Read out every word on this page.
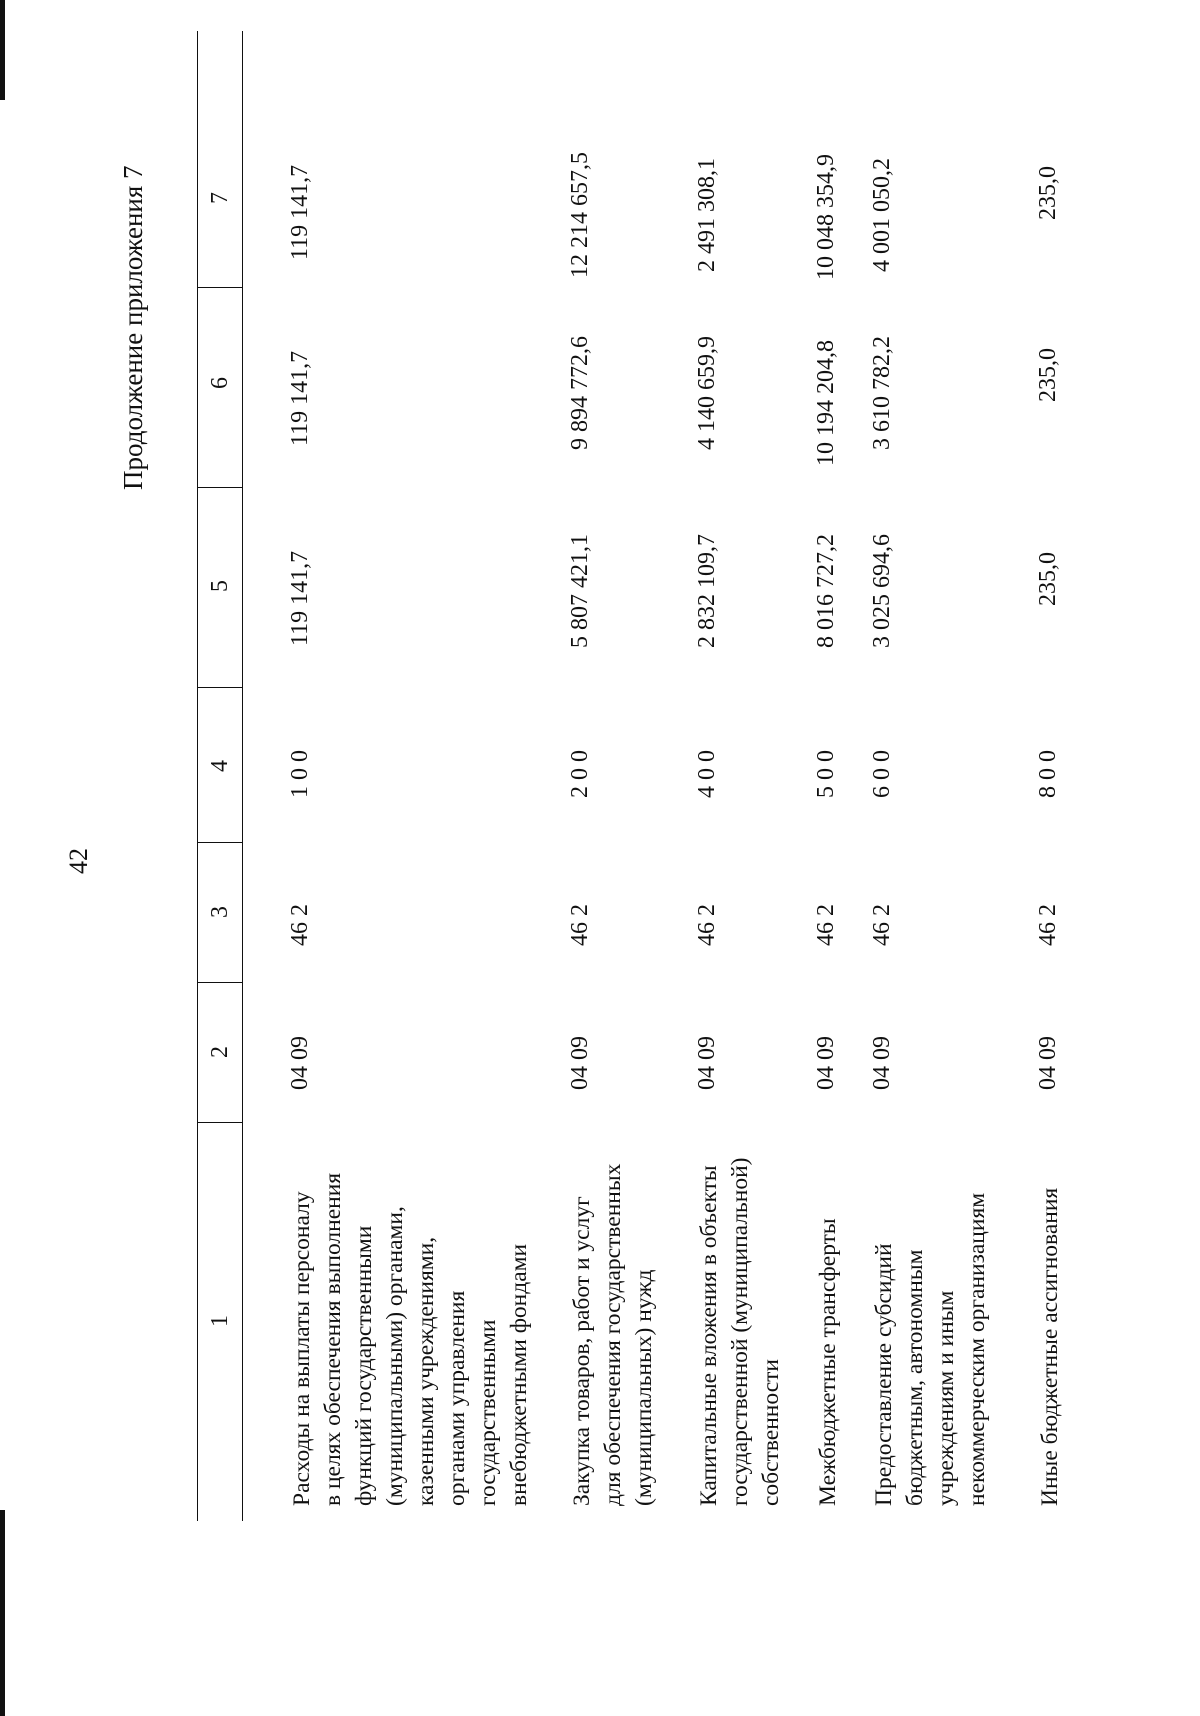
42
Продолжение приложения 7
1
2
3
4
5
6
7
Расходы на выплаты персоналу в целях обеспечения выполнения функций государственными (муниципальными) органами, казенными учреждениями, органами управления государственными внебюджетными фондами
04 09
46 2
1 0 0
119 141,7
119 141,7
119 141,7
Закупка товаров, работ и услуг для обеспечения государственных (муниципальных) нужд
04 09
46 2
2 0 0
5 807 421,1
9 894 772,6
12 214 657,5
Капитальные вложения в объекты государственной (муниципальной) собственности
04 09
46 2
4 0 0
2 832 109,7
4 140 659,9
2 491 308,1
Межбюджетные трансферты
04 09
46 2
5 0 0
8 016 727,2
10 194 204,8
10 048 354,9
Предоставление субсидий бюджетным, автономным учреждениям и иным некоммерческим организациям
04 09
46 2
6 0 0
3 025 694,6
3 610 782,2
4 001 050,2
Иные бюджетные ассигнования
04 09
46 2
8 0 0
235,0
235,0
235,0
